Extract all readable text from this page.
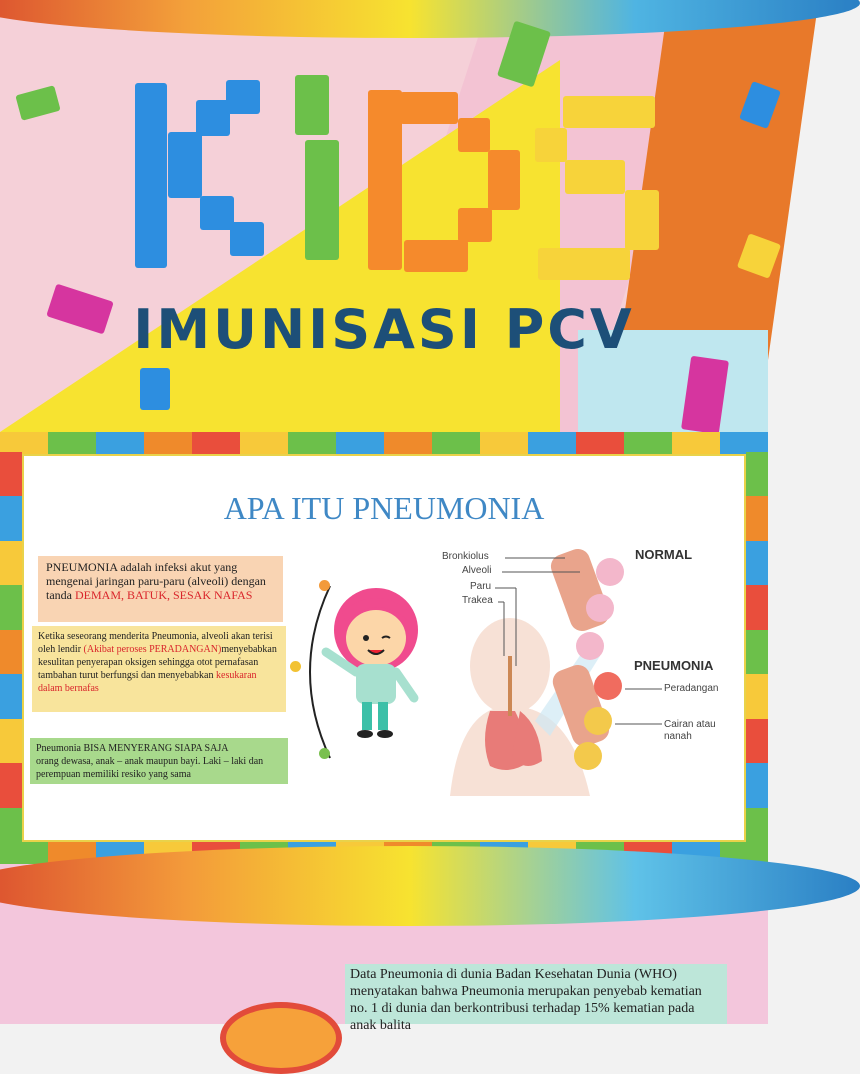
IMUNISASI PCV
APA ITU PNEUMONIA
PNEUMONIA adalah infeksi akut yang mengenai jaringan paru-paru (alveoli) dengan tanda DEMAM, BATUK, SESAK NAFAS
Ketika seseorang menderita Pneumonia, alveoli akan terisi oleh lendir (Akibat peroses PERADANGAN)menyebabkan kesulitan penyerapan oksigen sehingga otot pernafasan tambahan turut berfungsi dan menyebabkan kesukaran dalam bernafas
Pneumonia BISA MENYERANG SIAPA SAJA
orang dewasa, anak – anak maupun bayi. Laki – laki dan perempuan memiliki resiko yang sama
Bronkiolus
Alveoli
Paru
Trakea
NORMAL
PNEUMONIA
Peradangan
Cairan atau
nanah
Data Pneumonia di dunia Badan Kesehatan Dunia (WHO) menyatakan bahwa Pneumonia merupakan penyebab kematian no. 1 di dunia dan berkontribusi terhadap 15% kematian pada anak balita
